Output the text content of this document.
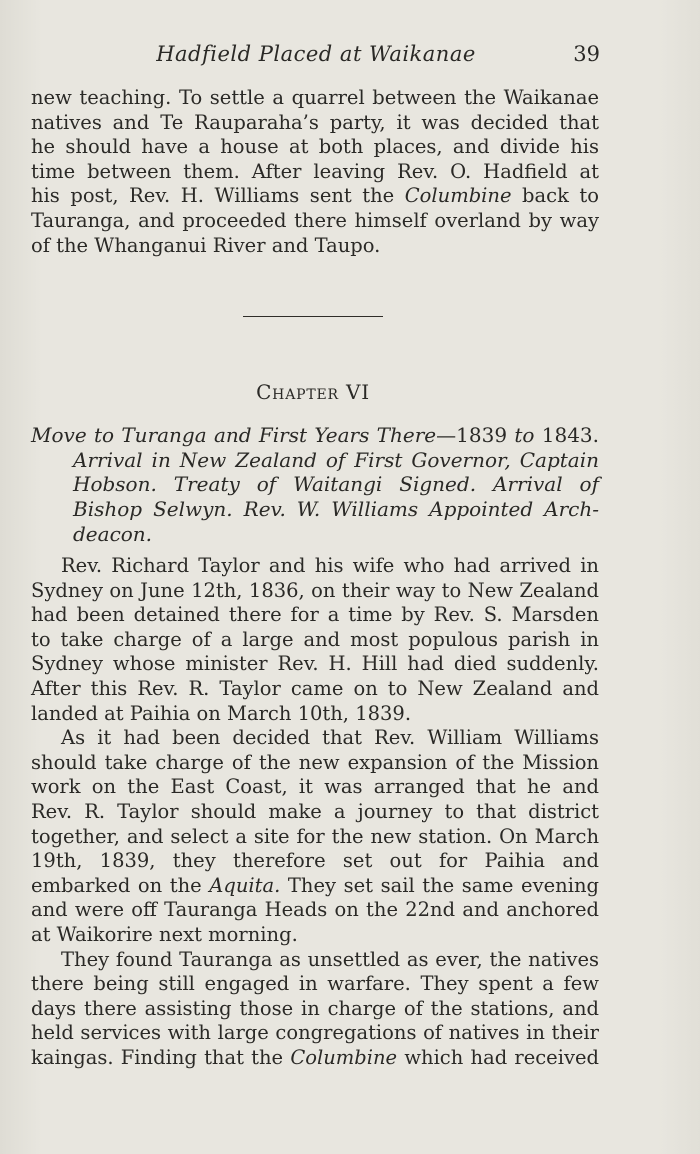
Hadfield Placed at Waikanae	39
new teaching. To settle a quarrel between the Waikanae
natives and Te Rauparaha’s party, it was decided that
he should have a house at both places, and divide his
time between them. After leaving Rev. O. Hadfield at
his post, Rev. H. Williams sent the Columbine back to
Tauranga, and proceeded there himself overland by way
of the Whanganui River and Taupo.
Chapter VI
Move to Turanga and First Years There—1839 to 1843.
Arrival in New Zealand of First Governor, Captain
Hobson. Treaty of Waitangi Signed. Arrival of
Bishop Selwyn. Rev. W. Williams Appointed Arch-
deacon.
Rev. Richard Taylor and his wife who had arrived in
Sydney on June 12th, 1836, on their way to New Zealand
had been detained there for a time by Rev. S. Marsden
to take charge of a large and most populous parish in
Sydney whose minister Rev. H. Hill had died suddenly.
After this Rev. R. Taylor came on to New Zealand and
landed at Paihia on March 10th, 1839.
As it had been decided that Rev. William Williams
should take charge of the new expansion of the Mission
work on the East Coast, it was arranged that he and
Rev. R. Taylor should make a journey to that district
together, and select a site for the new station. On March
19th, 1839, they therefore set out for Paihia and
embarked on the Aquita. They set sail the same evening
and were off Tauranga Heads on the 22nd and anchored
at Waikorire next morning.
They found Tauranga as unsettled as ever, the natives
there being still engaged in warfare. They spent a few
days there assisting those in charge of the stations, and
held services with large congregations of natives in their
kaingas. Finding that the Columbine which had received
